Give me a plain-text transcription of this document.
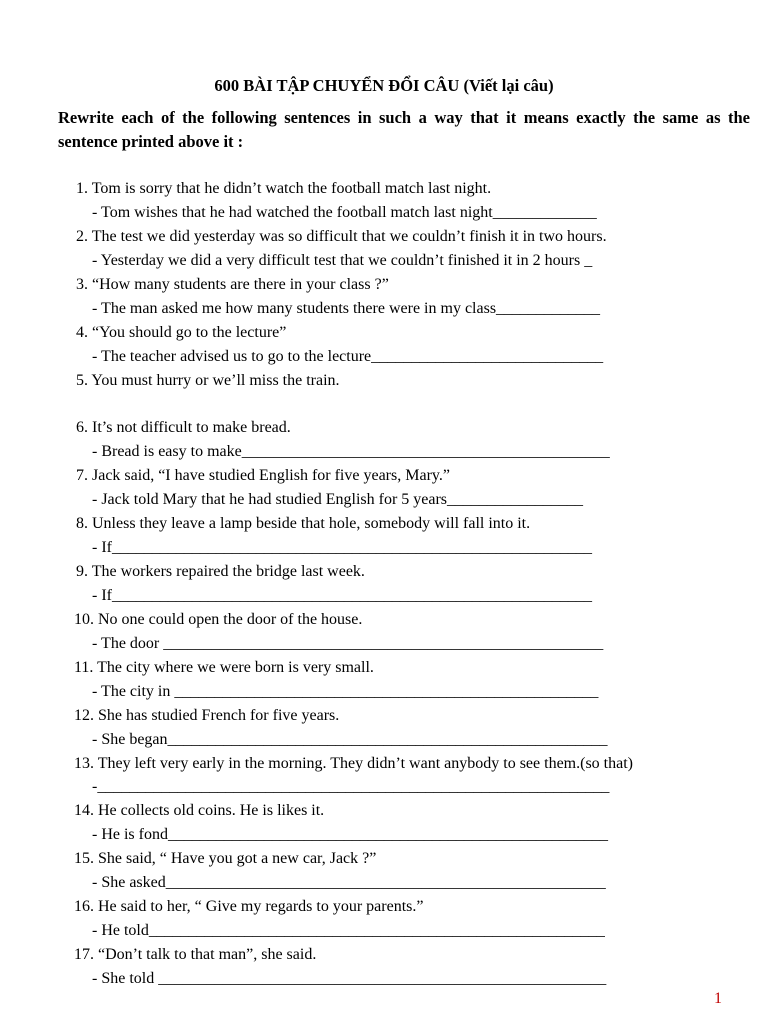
600 BÀI TẬP CHUYỂN ĐỔI CÂU (Viết lại câu)
Rewrite each of the following sentences in such a way that it means exactly the same as the sentence printed above it :
1. Tom is sorry that he didn’t watch the football match last night.
- Tom wishes that he had watched the football match last night_____________
2. The test we did yesterday was so difficult that we couldn’t finish it in two hours.
- Yesterday we did a very difficult test that we couldn’t finished it in 2 hours _
3. “How many students are there in your class ?”
- The man asked me how many students there were in my class_____________
4. “You should go to the lecture”
- The teacher advised us to go to the lecture_____________________________
5. You must hurry or we’ll miss the train.
6. It’s not difficult to make bread.
- Bread is easy to make______________________________________________
7. Jack said, “I have studied English for five years, Mary.”
- Jack told Mary that he had studied English for 5 years_________________
8. Unless they leave a lamp beside that hole, somebody will fall into it.
- If____________________________________________________________
9. The workers repaired the bridge last week.
- If____________________________________________________________
10. No one could open the door of the house.
- The door _______________________________________________________
11. The city where we were born is very small.
- The city in _____________________________________________________
12. She has studied French for five years.
- She began_______________________________________________________
13. They left very early in the morning. They didn’t want anybody to see them.(so that)
-________________________________________________________________
14. He collects old coins. He is likes it.
- He is fond_______________________________________________________
15. She said, “ Have you got a new car, Jack ?”
- She asked_______________________________________________________
16. He said to her, “ Give my regards to your parents.”
- He told_________________________________________________________
17. “Don’t talk to that man”, she said.
- She told ________________________________________________________
1
